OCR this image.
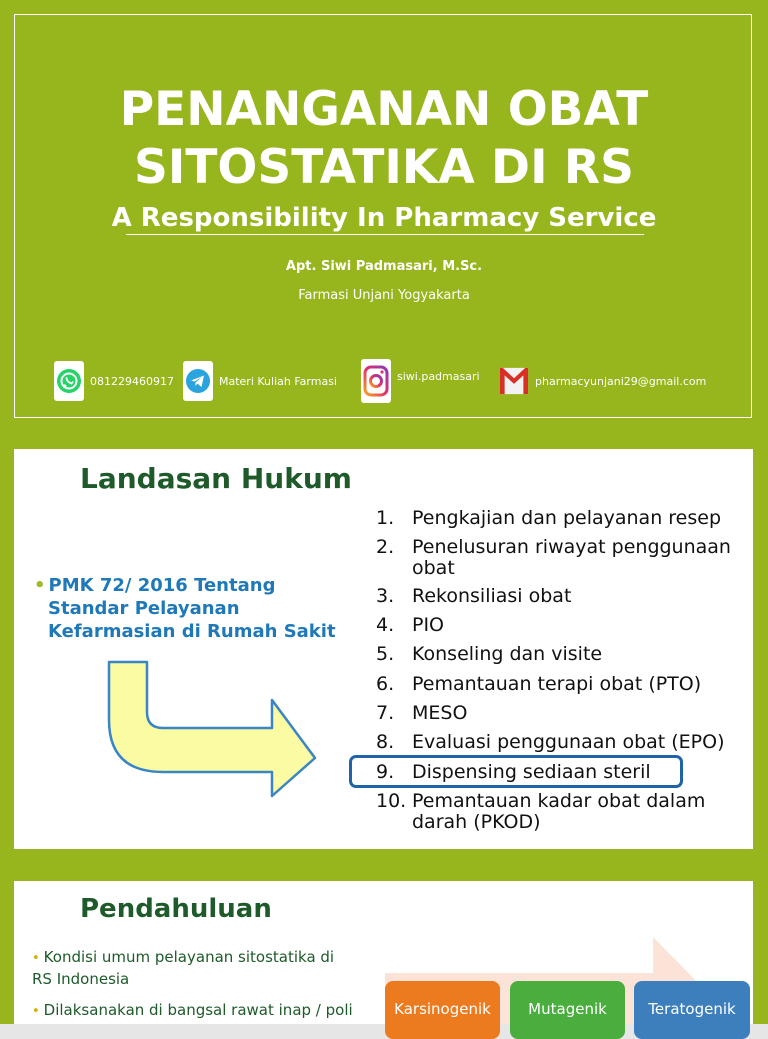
PENANGANAN OBAT
SITOSTATIKA DI RS
A Responsibility In Pharmacy Service
Apt. Siwi Padmasari, M.Sc.
Farmasi Unjani Yogyakarta
081229460917	Materi Kuliah Farmasi	siwi.padmasari	pharmacyunjani29@gmail.com
Landasan Hukum
• PMK 72/ 2016 Tentang
Standar Pelayanan
Kefarmasian di Rumah Sakit
1. Pengkajian dan pelayanan resep
2. Penelusuran riwayat penggunaan
obat
3. Rekonsiliasi obat
4. PIO
5. Konseling dan visite
6. Pemantauan terapi obat (PTO)
7. MESO
8. Evaluasi penggunaan obat (EPO)
9. Dispensing sediaan steril
10. Pemantauan kadar obat dalam
darah (PKOD)
Pendahuluan
• Kondisi umum pelayanan sitostatika di
RS Indonesia
• Dilaksanakan di bangsal rawat inap / poli	Karsinogenik Mutagenik	Teratogenik
